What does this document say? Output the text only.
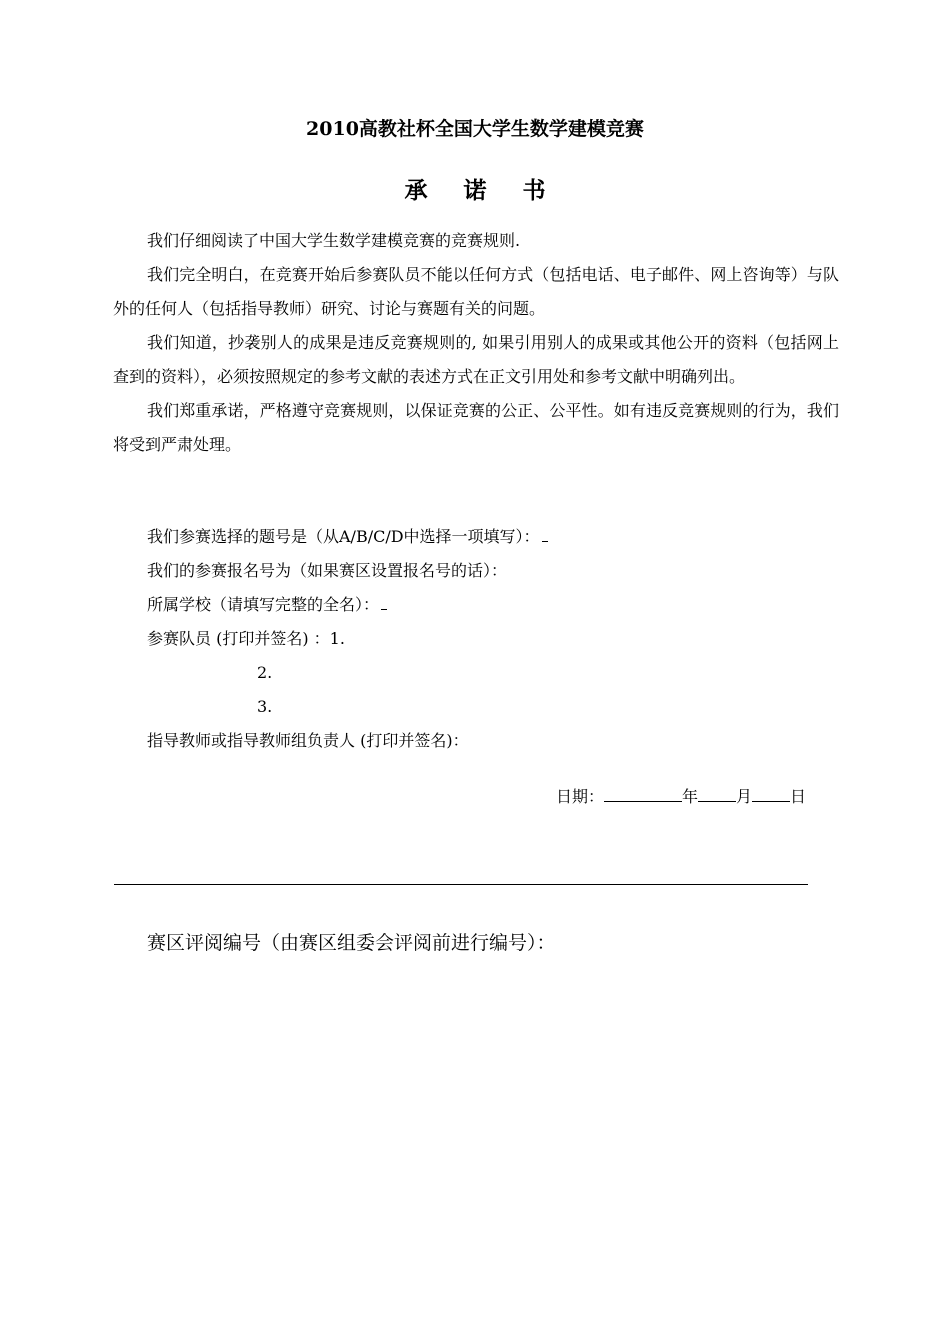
2010高教社杯全国大学生数学建模竞赛
承 诺 书

我们仔细阅读了中国大学生数学建模竞赛的竞赛规则.

我们完全明白，在竞赛开始后参赛队员不能以任何方式（包括电话、电子邮件、网上咨询等）与队外的任何人（包括指导教师）研究、讨论与赛题有关的问题。

我们知道，抄袭别人的成果是违反竞赛规则的, 如果引用别人的成果或其他公开的资料（包括网上查到的资料），必须按照规定的参考文献的表述方式在正文引用处和参考文献中明确列出。

我们郑重承诺，严格遵守竞赛规则，以保证竞赛的公正、公平性。如有违反竞赛规则的行为，我们将受到严肃处理。

我们参赛选择的题号是（从A/B/C/D中选择一项填写）：
我们的参赛报名号为（如果赛区设置报名号的话）：
所属学校（请填写完整的全名）：
参赛队员 (打印并签名) ：1.
2.
3.
指导教师或指导教师组负责人 (打印并签名)：
日期：	年 月 日
赛区评阅编号（由赛区组委会评阅前进行编号）：
